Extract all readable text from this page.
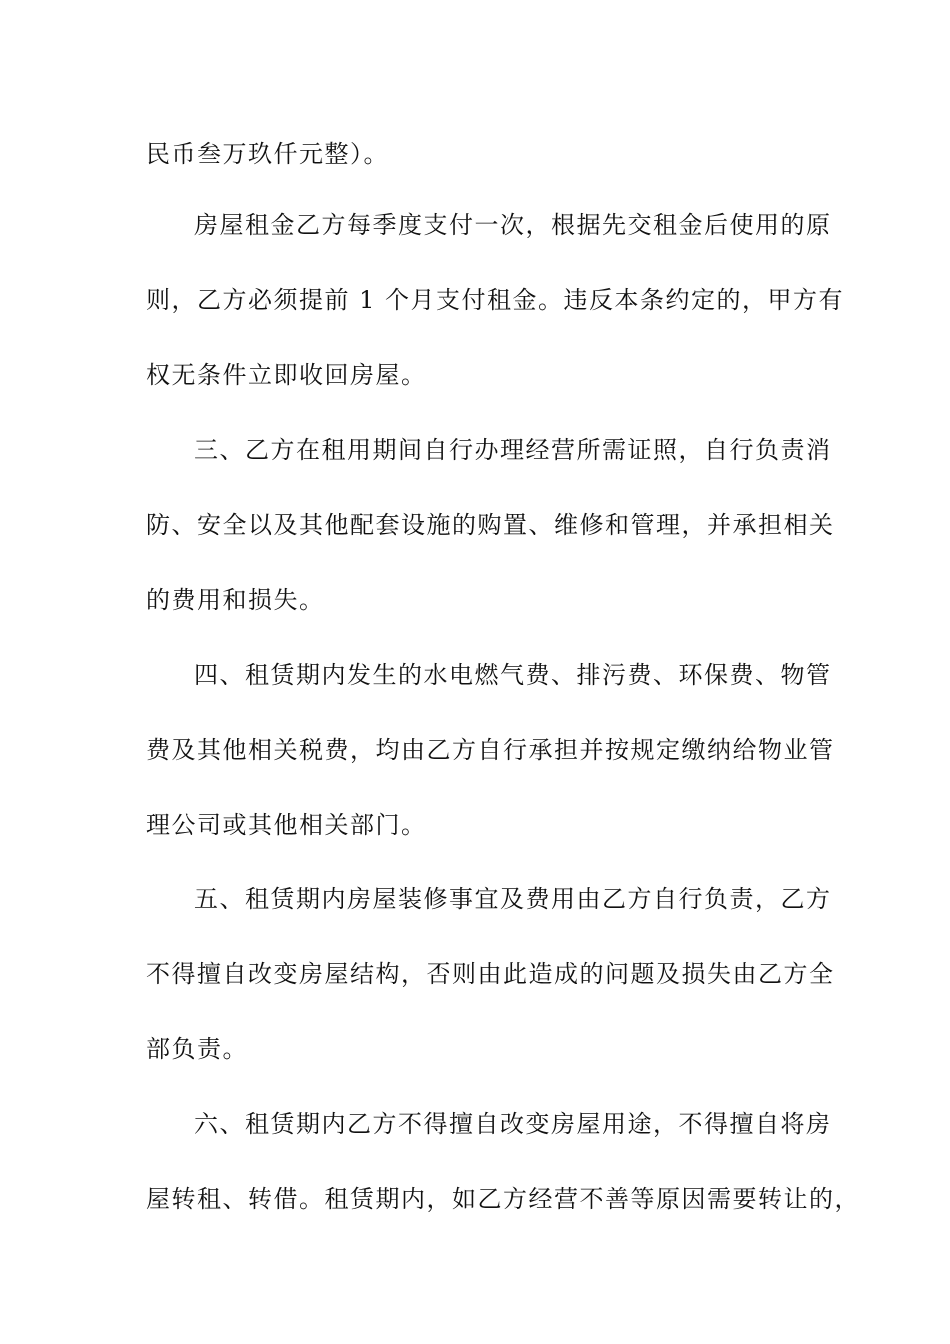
民币叁万玖仟元整）。
房屋租金乙方每季度支付一次，根据先交租金后使用的原
则，乙方必须提前 1 个月支付租金。违反本条约定的，甲方有
权无条件立即收回房屋。
三、乙方在租用期间自行办理经营所需证照，自行负责消
防、安全以及其他配套设施的购置、维修和管理，并承担相关
的费用和损失。
四、租赁期内发生的水电燃气费、排污费、环保费、物管
费及其他相关税费，均由乙方自行承担并按规定缴纳给物业管
理公司或其他相关部门。
五、租赁期内房屋装修事宜及费用由乙方自行负责，乙方
不得擅自改变房屋结构，否则由此造成的问题及损失由乙方全
部负责。
六、租赁期内乙方不得擅自改变房屋用途，不得擅自将房
屋转租、转借。租赁期内，如乙方经营不善等原因需要转让的，
